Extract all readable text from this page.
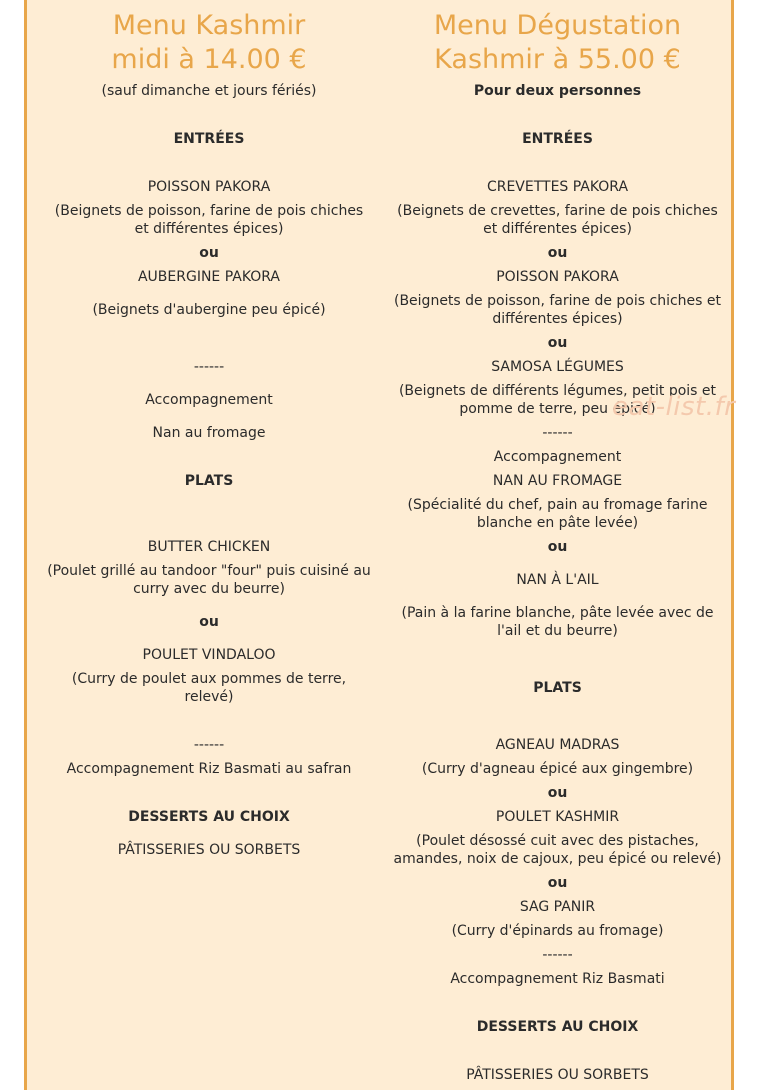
Menu Kashmir
midi à 14.00 €
(sauf dimanche et jours fériés)
ENTRÉES
POISSON PAKORA
(Beignets de poisson, farine de pois chiches
et différentes épices)
ou
AUBERGINE PAKORA
(Beignets d'aubergine peu épicé)
------
Accompagnement
Nan au fromage
PLATS
BUTTER CHICKEN
(Poulet grillé au tandoor "four" puis cuisiné au
curry avec du beurre)
ou
POULET VINDALOO
(Curry de poulet aux pommes de terre,
relevé)
------
Accompagnement Riz Basmati au safran
DESSERTS AU CHOIX
PÂTISSERIES OU SORBETS
Menu Dégustation
Kashmir à 55.00 €
Pour deux personnes
ENTRÉES
CREVETTES PAKORA
(Beignets de crevettes, farine de pois chiches
et différentes épices)
ou
POISSON PAKORA
(Beignets de poisson, farine de pois chiches et
différentes épices)
ou
SAMOSA LÉGUMES
(Beignets de différents légumes, petit pois et
pomme de terre, peu épicé)
------
Accompagnement
NAN AU FROMAGE
(Spécialité du chef, pain au fromage farine
blanche en pâte levée)
ou
NAN À L'AIL
(Pain à la farine blanche, pâte levée avec de
l'ail et du beurre)
PLATS
AGNEAU MADRAS
(Curry d'agneau épicé aux gingembre)
ou
POULET KASHMIR
(Poulet désossé cuit avec des pistaches,
amandes, noix de cajoux, peu épicé ou relevé)
ou
SAG PANIR
(Curry d'épinards au fromage)
------
Accompagnement Riz Basmati
DESSERTS AU CHOIX
PÂTISSERIES OU SORBETS
eat-list.fr
